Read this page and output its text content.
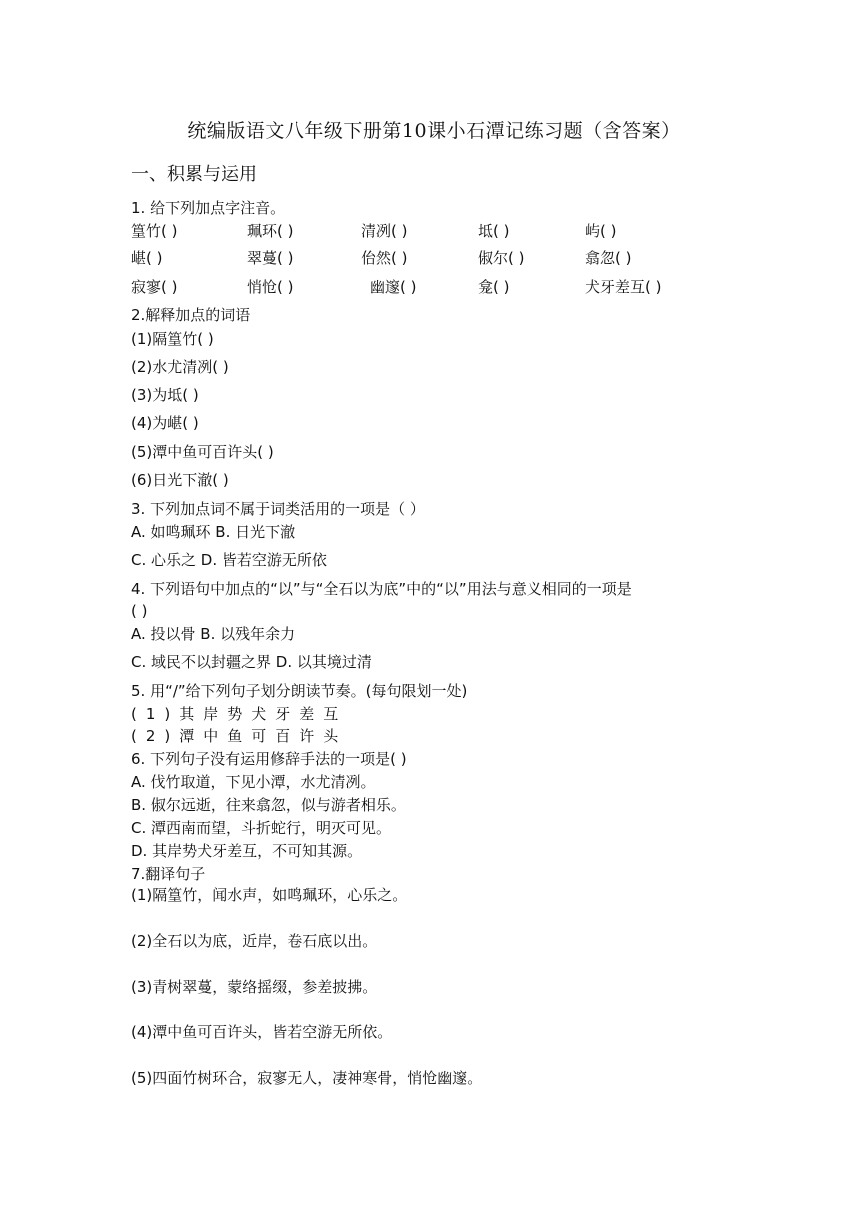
统编版语文八年级下册第10课小石潭记练习题（含答案）
一、积累与运用
1. 给下列加点字注音。
篁竹( )	珮环( )	清冽( )	坻( )	屿( )
嵁( )	翠蔓( )	佁然( )	俶尔( )	翕忽( )
寂寥( )	悄怆( )	幽邃( )	龛( )	犬牙差互( )
2.解释加点的词语
(1)隔篁竹( )
(2)水尤清冽( )
(3)为坻( )
(4)为嵁( )
(5)潭中鱼可百许头( )
(6)日光下澈( )
3. 下列加点词不属于词类活用的一项是（ ）
A. 如鸣珮环 B. 日光下澈
C. 心乐之 D. 皆若空游无所依
4. 下列语句中加点的“以”与“全石以为底”中的“以”用法与意义相同的一项是
( )
A. 投以骨 B. 以残年余力
C. 域民不以封疆之界 D. 以其境过清
5. 用“/”给下列句子划分朗读节奏。(每句限划一处)
(1)其岸势犬牙差互
(2)潭中鱼可百许头
6. 下列句子没有运用修辞手法的一项是( )
A. 伐竹取道，下见小潭，水尤清冽。
B. 俶尔远逝，往来翕忽，似与游者相乐。
C. 潭西南而望，斗折蛇行，明灭可见。
D. 其岸势犬牙差互，不可知其源。
7.翻译句子
(1)隔篁竹，闻水声，如鸣珮环，心乐之。
(2)全石以为底，近岸，卷石底以出。
(3)青树翠蔓，蒙络摇缀，参差披拂。
(4)潭中鱼可百许头，皆若空游无所依。
(5)四面竹树环合，寂寥无人，凄神寒骨，悄怆幽邃。
